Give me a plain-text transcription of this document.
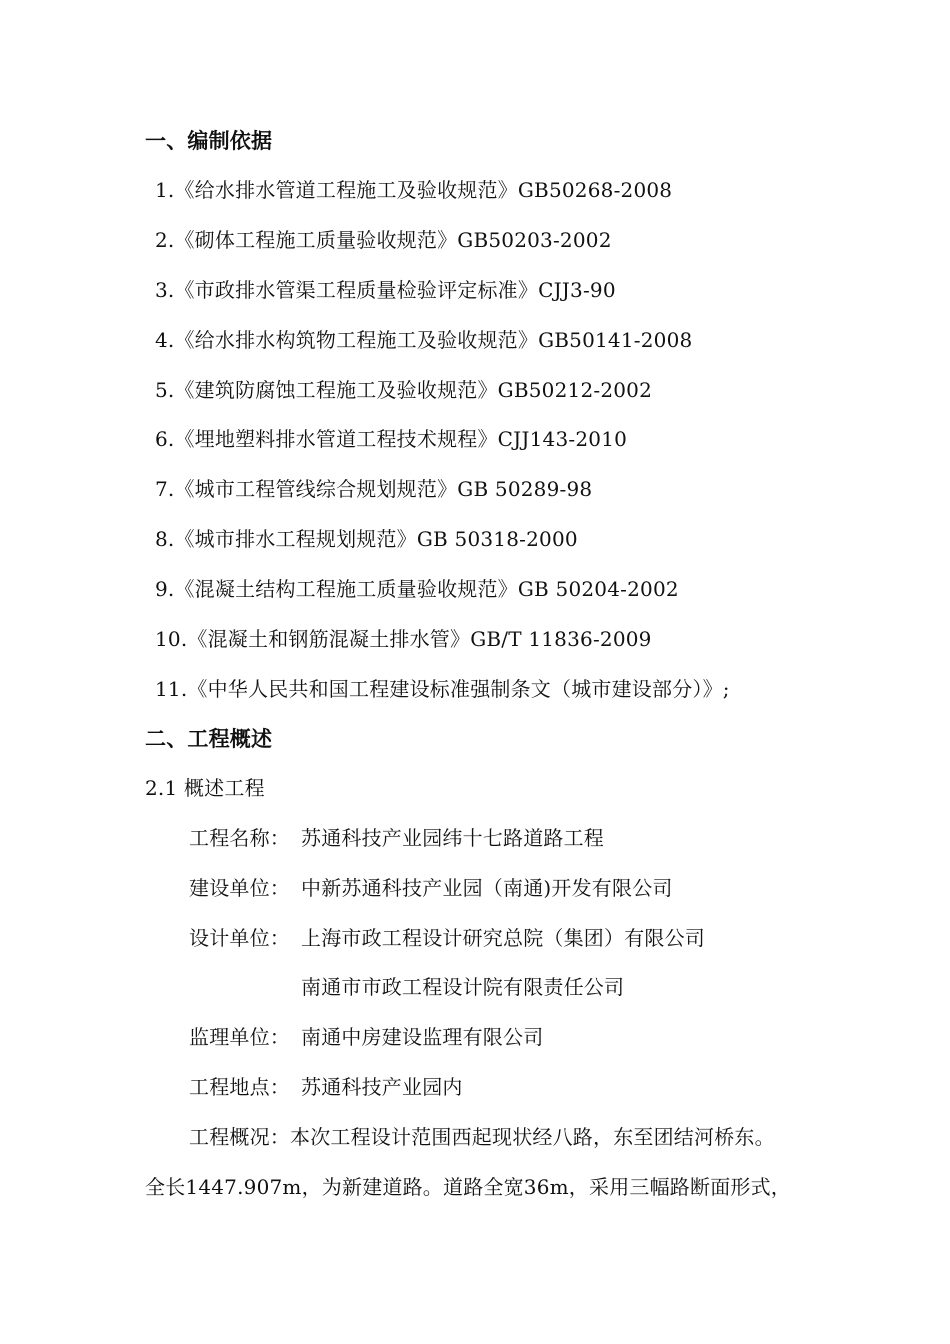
一、编制依据
1.《给水排水管道工程施工及验收规范》GB50268-2008
2.《砌体工程施工质量验收规范》GB50203-2002
3.《市政排水管渠工程质量检验评定标准》CJJ3-90
4.《给水排水构筑物工程施工及验收规范》GB50141-2008
5.《建筑防腐蚀工程施工及验收规范》GB50212-2002
6.《埋地塑料排水管道工程技术规程》CJJ143-2010
7.《城市工程管线综合规划规范》GB 50289-98
8.《城市排水工程规划规范》GB 50318-2000
9.《混凝土结构工程施工质量验收规范》GB 50204-2002
10.《混凝土和钢筋混凝土排水管》GB/T 11836-2009
11.《中华人民共和国工程建设标准强制条文（城市建设部分）》;
二、工程概述
2.1 概述工程
工程名称： 苏通科技产业园纬十七路道路工程
建设单位： 中新苏通科技产业园（南通)开发有限公司
设计单位： 上海市政工程设计研究总院（集团）有限公司
南通市市政工程设计院有限责任公司
监理单位： 南通中房建设监理有限公司
工程地点： 苏通科技产业园内
工程概况：本次工程设计范围西起现状经八路，东至团结河桥东。
全长1447.907m，为新建道路。道路全宽36m，采用三幅路断面形式，
